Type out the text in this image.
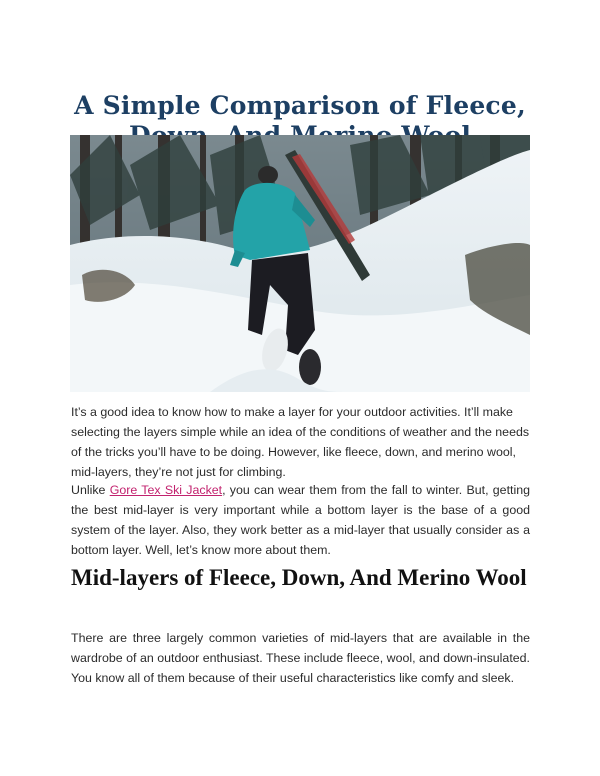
A Simple Comparison of Fleece,

It’s a good idea to know how to make a layer for your outdoor activities. It’ll make selecting the layers simple while an idea of the conditions of weather and the needs of the tricks you’ll have to be doing. However, like fleece, down, and merino wool, mid-layers, they’re not just for climbing.

Unlike Gore Tex Ski Jacket, you can wear them from the fall to winter. But, getting the best mid-layer is very important while a bottom layer is the base of a good system of the layer. Also, they work better as a mid-layer that usually consider as a bottom layer. Well, let’s know more about them.

Mid-layers of Fleece, Down, And Merino Wool

There are three largely common varieties of mid-layers that are available in the wardrobe of an outdoor enthusiast. These include fleece, wool, and down-insulated. You know all of them because of their useful characteristics like comfy and sleek.
